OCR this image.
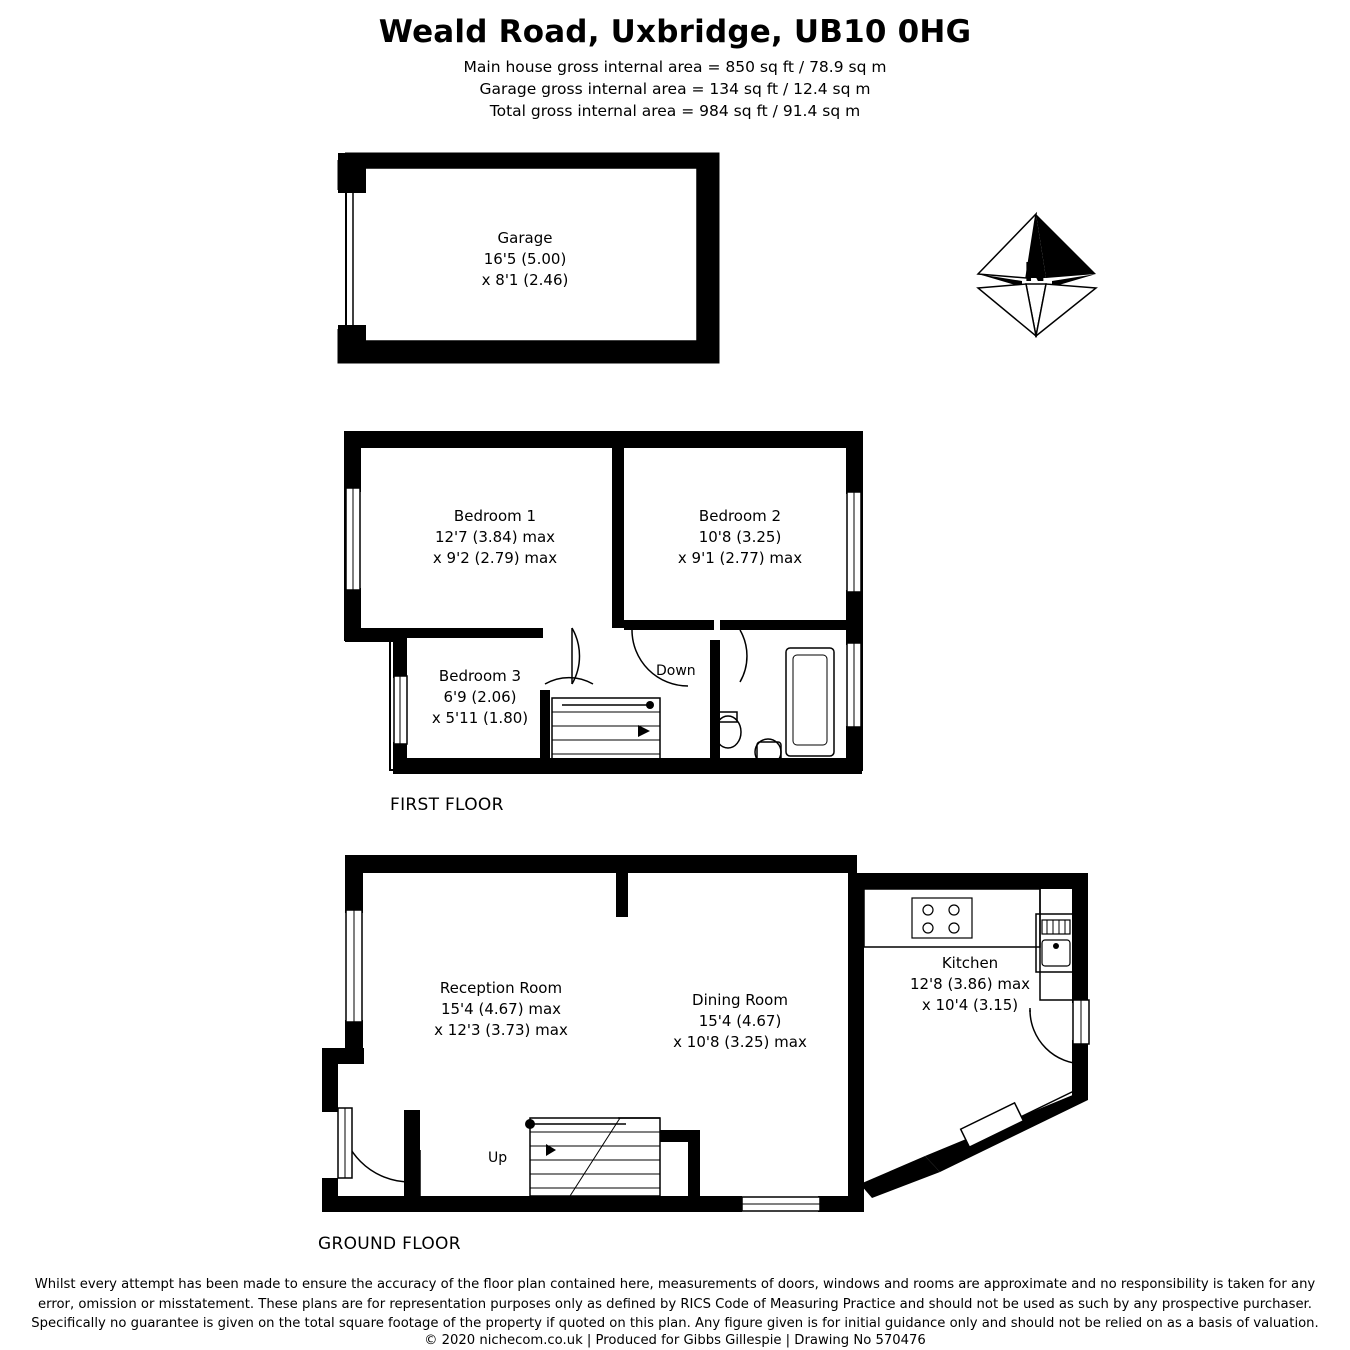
Weald Road, Uxbridge, UB10 0HG
Main house gross internal area = 850 sq ft / 78.9 sq m
Garage gross internal area = 134 sq ft / 12.4 sq m
Total gross internal area = 984 sq ft / 91.4 sq m
Garage
16'5 (5.00)
x 8'1 (2.46)
Bedroom 1
12'7 (3.84) max
x 9'2 (2.79) max
Bedroom 2
10'8 (3.25)
x 9'1 (2.77) max
Bedroom 3
6'9 (2.06)
x 5'11 (1.80)
Down
FIRST FLOOR
Reception Room
15'4 (4.67) max
x 12'3 (3.73) max
Dining Room
15'4 (4.67)
x 10'8 (3.25) max
Kitchen
12'8 (3.86) max
x 10'4 (3.15)
Up
GROUND FLOOR
N
Whilst every attempt has been made to ensure the accuracy of the floor plan contained here, measurements of doors, windows and rooms are approximate and no responsibility is taken for any
error, omission or misstatement. These plans are for representation purposes only as defined by RICS Code of Measuring Practice and should not be used as such by any prospective purchaser.
Specifically no guarantee is given on the total square footage of the property if quoted on this plan. Any figure given is for initial guidance only and should not be relied on as a basis of valuation.
© 2020 nichecom.co.uk | Produced for Gibbs Gillespie | Drawing No 570476
